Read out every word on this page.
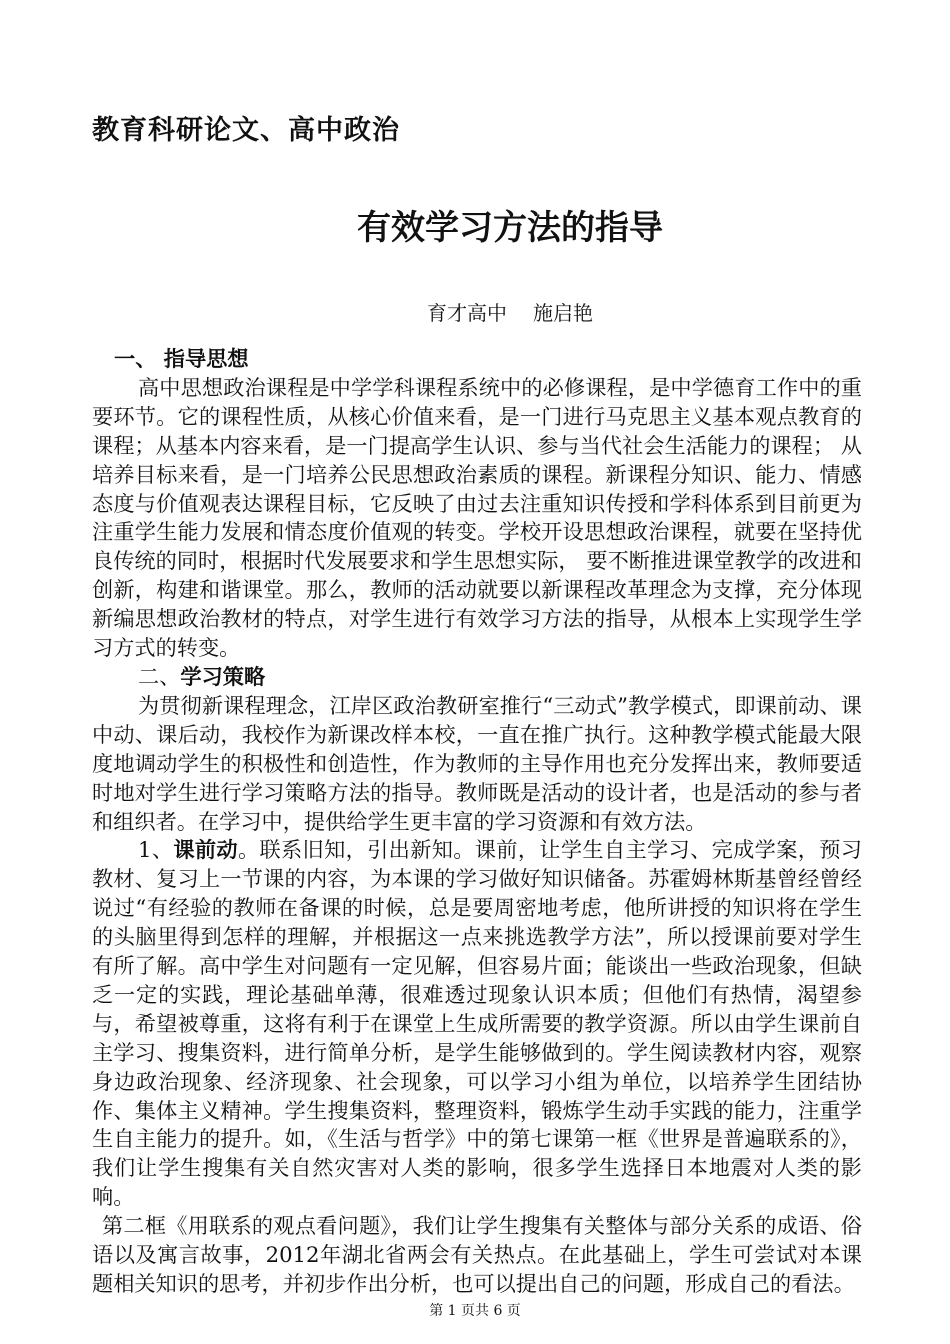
教育科研论文、高中政治
有效学习方法的指导
育才高中 施启艳

一、 指导思想

高中思想政治课程是中学学科课程系统中的必修课程，是中学德育工作中的重要环节。它的课程性质，从核心价值来看，是一门进行马克思主义基本观点教育的课程；从基本内容来看，是一门提高学生认识、参与当代社会生活能力的课程； 从培养目标来看，是一门培养公民思想政治素质的课程。新课程分知识、能力、情感态度与价值观表达课程目标，它反映了由过去注重知识传授和学科体系到目前更为注重学生能力发展和情态度价值观的转变。学校开设思想政治课程，就要在坚持优良传统的同时，根据时代发展要求和学生思想实际， 要不断推进课堂教学的改进和创新，构建和谐课堂。那么，教师的活动就要以新课程改革理念为支撑，充分体现新编思想政治教材的特点，对学生进行有效学习方法的指导，从根本上实现学生学习方式的转变。

二、学习策略

为贯彻新课程理念，江岸区政治教研室推行“三动式”教学模式，即课前动、课中动、课后动，我校作为新课改样本校，一直在推广执行。这种教学模式能最大限度地调动学生的积极性和创造性，作为教师的主导作用也充分发挥出来，教师要适时地对学生进行学习策略方法的指导。教师既是活动的设计者，也是活动的参与者和组织者。在学习中，提供给学生更丰富的学习资源和有效方法。

1、课前动。联系旧知，引出新知。课前，让学生自主学习、完成学案，预习教材、复习上一节课的内容，为本课的学习做好知识储备。苏霍姆林斯基曾经曾经说过“有经验的教师在备课的时候，总是要周密地考虑，他所讲授的知识将在学生的头脑里得到怎样的理解，并根据这一点来挑选教学方法”，所以授课前要对学生有所了解。高中学生对问题有一定见解，但容易片面；能谈出一些政治现象，但缺乏一定的实践，理论基础单薄，很难透过现象认识本质；但他们有热情，渴望参与，希望被尊重，这将有利于在课堂上生成所需要的教学资源。所以由学生课前自主学习、搜集资料，进行简单分析，是学生能够做到的。学生阅读教材内容，观察身边政治现象、经济现象、社会现象，可以学习小组为单位，以培养学生团结协作、集体主义精神。学生搜集资料，整理资料，锻炼学生动手实践的能力，注重学生自主能力的提升。如，《生活与哲学》中的第七课第一框《世界是普遍联系的》，我们让学生搜集有关自然灾害对人类的影响，很多学生选择日本地震对人类的影响。

第二框《用联系的观点看问题》，我们让学生搜集有关整体与部分关系的成语、俗语以及寓言故事，2012年湖北省两会有关热点。在此基础上，学生可尝试对本课题相关知识的思考，并初步作出分析，也可以提出自己的问题，形成自己的看法。

第 1 页共 6 页
